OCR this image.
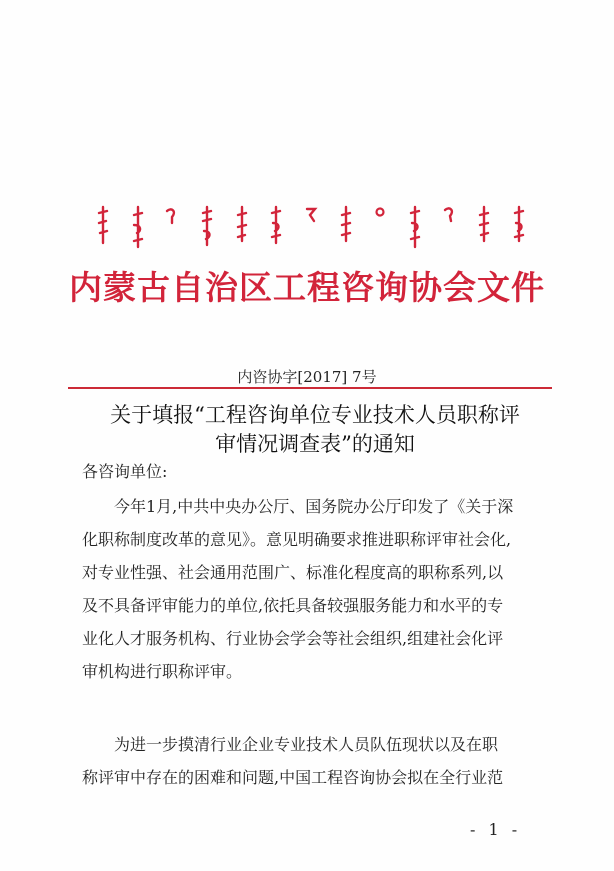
内蒙古自治区工程咨询协会文件
内咨协字[2017] 7号
关于填报“工程咨询单位专业技术人员职称评
审情况调查表”的通知
各咨询单位:
　　今年1月,中共中央办公厅、国务院办公厅印发了《关于深
化职称制度改革的意见》。意见明确要求推进职称评审社会化,
对专业性强、社会通用范围广、标准化程度高的职称系列,以
及不具备评审能力的单位,依托具备较强服务能力和水平的专
业化人才服务机构、行业协会学会等社会组织,组建社会化评
审机构进行职称评审。
　　为进一步摸清行业企业专业技术人员队伍现状以及在职
称评审中存在的困难和问题,中国工程咨询协会拟在全行业范
- 1 -
